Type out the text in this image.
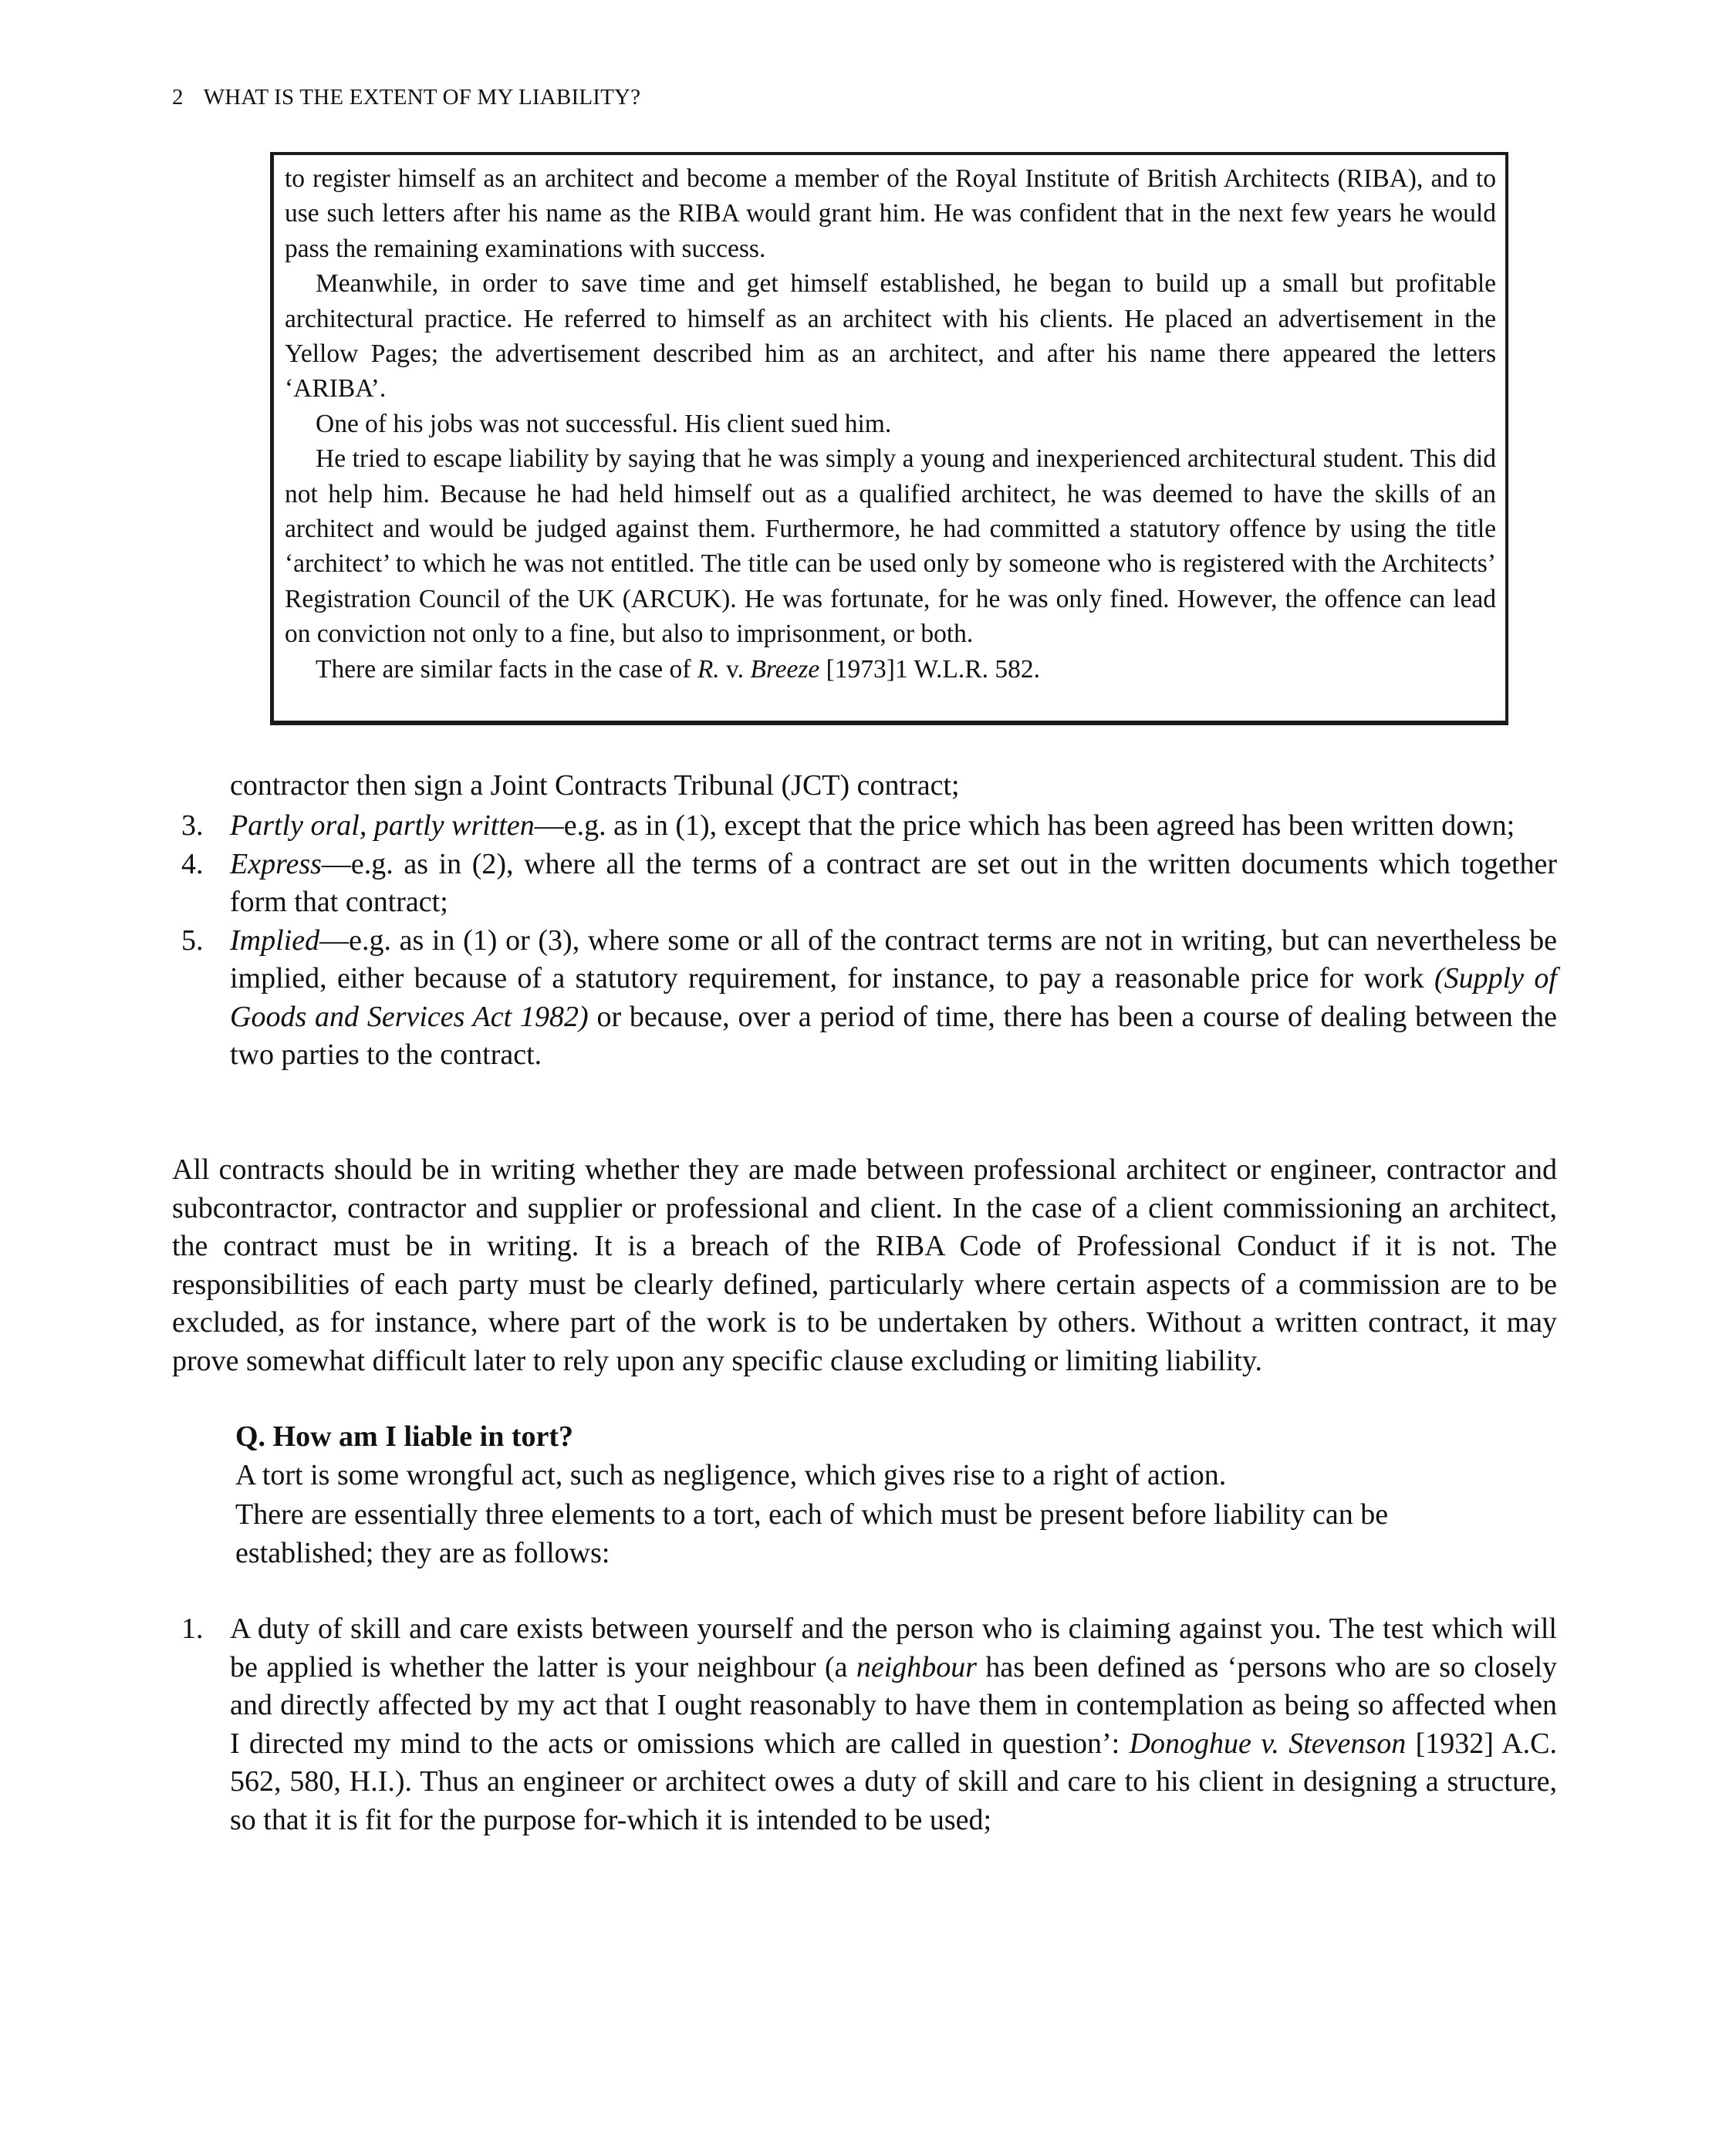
2 WHAT IS THE EXTENT OF MY LIABILITY?

to register himself as an architect and become a member of the Royal Institute of British Architects (RIBA), and to use such letters after his name as the RIBA would grant him. He was confident that in the next few years he would pass the remaining examinations with success.

Meanwhile, in order to save time and get himself established, he began to build up a small but profitable architectural practice. He referred to himself as an architect with his clients. He placed an advertisement in the Yellow Pages; the advertisement described him as an architect, and after his name there appeared the letters ‘ARIBA’.

One of his jobs was not successful. His client sued him.

He tried to escape liability by saying that he was simply a young and inexperienced architectural student. This did not help him. Because he had held himself out as a qualified architect, he was deemed to have the skills of an architect and would be judged against them. Furthermore, he had committed a statutory offence by using the title ‘architect’ to which he was not entitled. The title can be used only by someone who is registered with the Architects’ Registration Council of the UK (ARCUK). He was fortunate, for he was only fined. However, the offence can lead on conviction not only to a fine, but also to imprisonment, or both.

There are similar facts in the case of R. v. Breeze [1973]1 W.L.R. 582.

contractor then sign a Joint Contracts Tribunal (JCT) contract;
3. Partly oral, partly written—e.g. as in (1), except that the price which has been agreed has been written down;
4. Express—e.g. as in (2), where all the terms of a contract are set out in the written documents which together form that contract;
5. Implied—e.g. as in (1) or (3), where some or all of the contract terms are not in writing, but can nevertheless be implied, either because of a statutory requirement, for instance, to pay a reasonable price for work (Supply of Goods and Services Act 1982) or because, over a period of time, there has been a course of dealing between the two parties to the contract.

All contracts should be in writing whether they are made between professional architect or engineer, contractor and subcontractor, contractor and supplier or professional and client. In the case of a client commissioning an architect, the contract must be in writing. It is a breach of the RIBA Code of Professional Conduct if it is not. The responsibilities of each party must be clearly defined, particularly where certain aspects of a commission are to be excluded, as for instance, where part of the work is to be undertaken by others. Without a written contract, it may prove somewhat difficult later to rely upon any specific clause excluding or limiting liability.

Q. How am I liable in tort?
A tort is some wrongful act, such as negligence, which gives rise to a right of action.

There are essentially three elements to a tort, each of which must be present before liability can be established; they are as follows:

1. A duty of skill and care exists between yourself and the person who is claiming against you. The test which will be applied is whether the latter is your neighbour (a neighbour has been defined as ‘persons who are so closely and directly affected by my act that I ought reasonably to have them in contemplation as being so affected when I directed my mind to the acts or omissions which are called in question’: Donoghue v. Stevenson [1932] A.C. 562, 580, H.I.). Thus an engineer or architect owes a duty of skill and care to his client in designing a structure, so that it is fit for the purpose for-which it is intended to be used;
